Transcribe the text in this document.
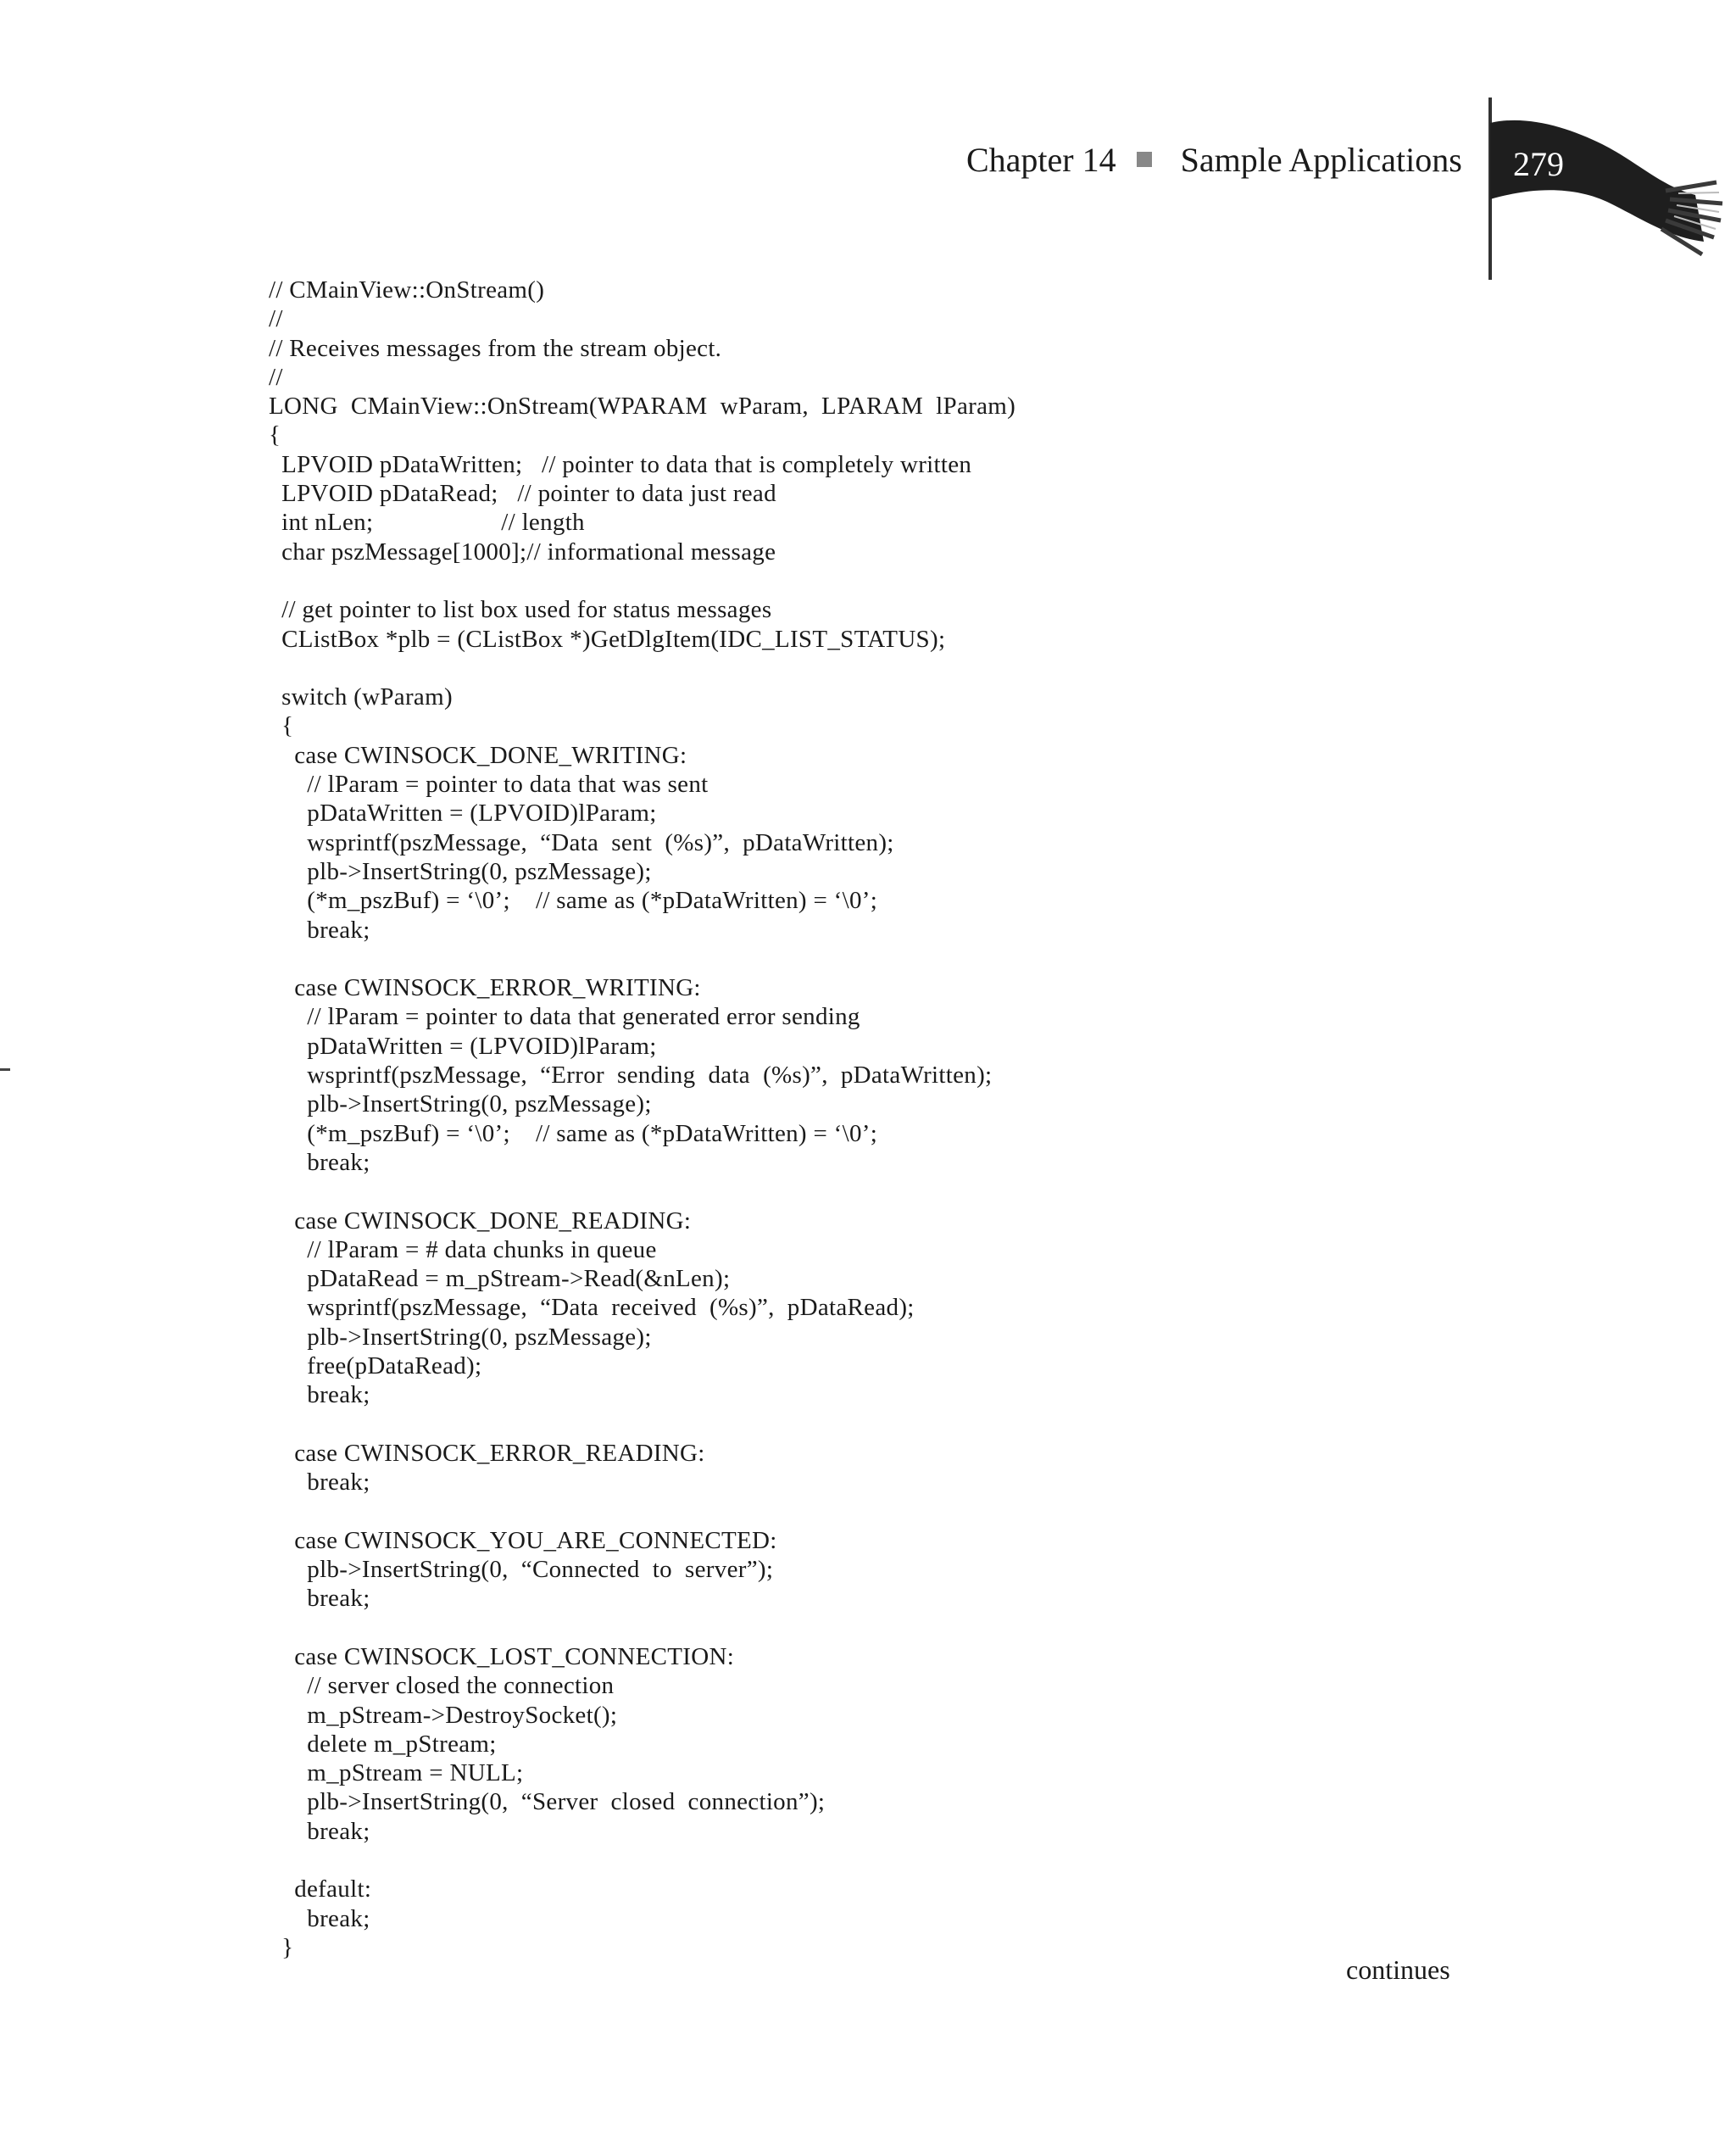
Chapter 14 Sample Applications 279
// CMainView::OnStream()
//
// Receives messages from the stream object.
//
LONG  CMainView::OnStream(WPARAM  wParam,  LPARAM  lParam)
{
LPVOID pDataWritten;   // pointer to data that is completely written
LPVOID pDataRead;   // pointer to data just read
int nLen;                    // length
char pszMessage[1000];// informational message
// get pointer to list box used for status messages
CListBox *plb = (CListBox *)GetDlgItem(IDC_LIST_STATUS);
switch (wParam)
{
case CWINSOCK_DONE_WRITING:
// lParam = pointer to data that was sent
pDataWritten = (LPVOID)lParam;
wsprintf(pszMessage,  “Data  sent  (%s)”,  pDataWritten);
plb->InsertString(0, pszMessage);
(*m_pszBuf) = ‘\0’;    // same as (*pDataWritten) = ‘\0’;
break;
case CWINSOCK_ERROR_WRITING:
// lParam = pointer to data that generated error sending
pDataWritten = (LPVOID)lParam;
wsprintf(pszMessage,  “Error  sending  data  (%s)”,  pDataWritten);
plb->InsertString(0, pszMessage);
(*m_pszBuf) = ‘\0’;    // same as (*pDataWritten) = ‘\0’;
break;
case CWINSOCK_DONE_READING:
// lParam = # data chunks in queue
pDataRead = m_pStream->Read(&nLen);
wsprintf(pszMessage,  “Data  received  (%s)”,  pDataRead);
plb->InsertString(0, pszMessage);
free(pDataRead);
break;
case CWINSOCK_ERROR_READING:
break;
case CWINSOCK_YOU_ARE_CONNECTED:
plb->InsertString(0,  “Connected  to  server”);
break;
case CWINSOCK_LOST_CONNECTION:
// server closed the connection
m_pStream->DestroySocket();
delete m_pStream;
m_pStream = NULL;
plb->InsertString(0,  “Server  closed  connection”);
break;
default:
break;
}
continues
